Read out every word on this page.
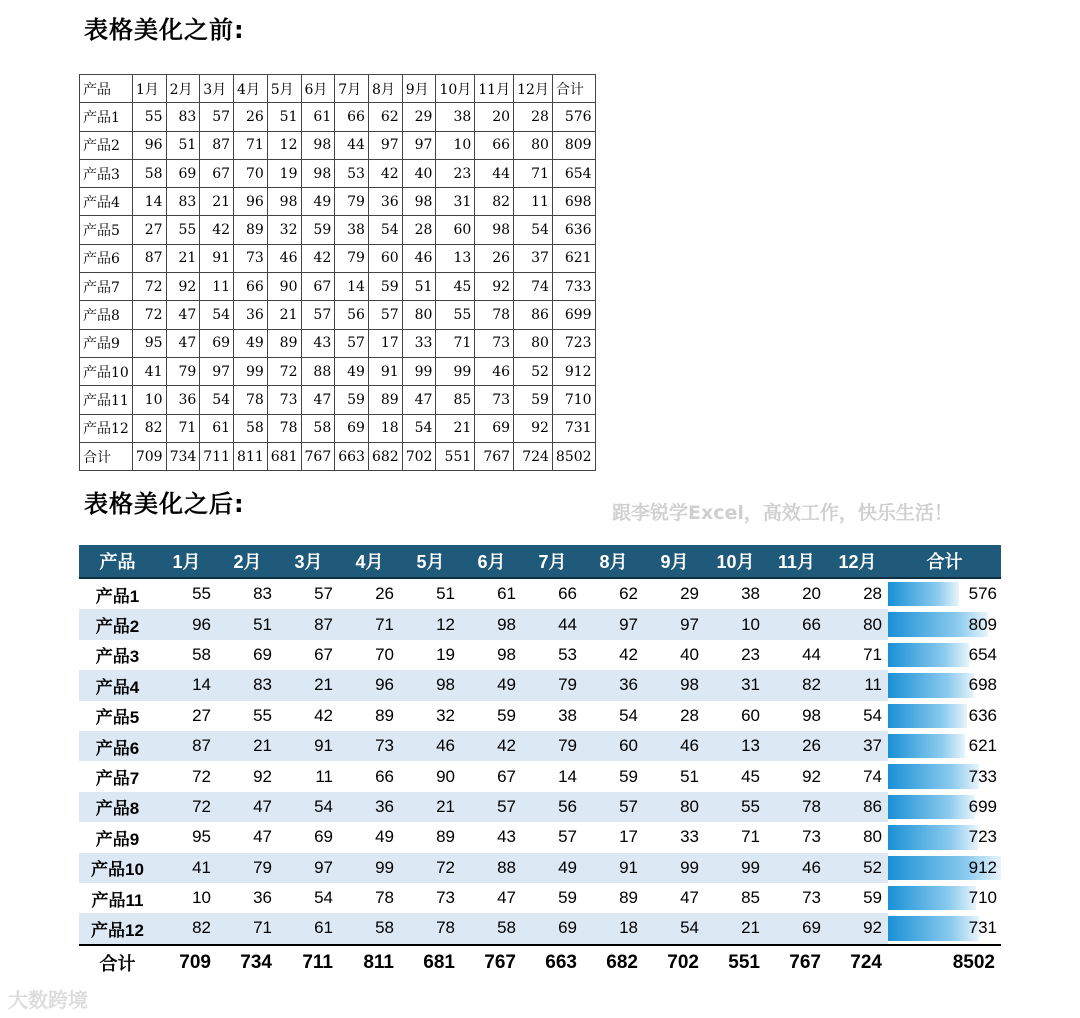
表格美化之前:
产品	1月	2月	3月	4月	5月	6月	7月	8月	9月	10月	11月	12月	合计
产品1	55	83	57	26	51	61	66	62	29	38	20	28	576
产品2	96	51	87	71	12	98	44	97	97	10	66	80	809
产品3	58	69	67	70	19	98	53	42	40	23	44	71	654
产品4	14	83	21	96	98	49	79	36	98	31	82	11	698
产品5	27	55	42	89	32	59	38	54	28	60	98	54	636
产品6	87	21	91	73	46	42	79	60	46	13	26	37	621
产品7	72	92	11	66	90	67	14	59	51	45	92	74	733
产品8	72	47	54	36	21	57	56	57	80	55	78	86	699
产品9	95	47	69	49	89	43	57	17	33	71	73	80	723
产品10	41	79	97	99	72	88	49	91	99	99	46	52	912
产品11	10	36	54	78	73	47	59	89	47	85	73	59	710
产品12	82	71	61	58	78	58	69	18	54	21	69	92	731
合计	709	734	711	811	681	767	663	682	702	551	767	724	8502
表格美化之后:	跟李锐学Excel，高效工作，快乐生活！
产品	1月	2月	3月	4月	5月	6月	7月	8月	9月	10月	11月	12月	合计
产品1	55	83	57	26	51	61	66	62	29	38	20	28	576

产品2	96	51	87	71	12	98	44	97	97	10	66	80	809

产品3	58	69	67	70	19	98	53	42	40	23	44	71	654

产品4	14	83	21	96	98	49	79	36	98	31	82	11	698

产品5	27	55	42	89	32	59	38	54	28	60	98	54	636

产品6	87	21	91	73	46	42	79	60	46	13	26	37	621

产品7	72	92	11	66	90	67	14	59	51	45	92	74	733

产品8	72	47	54	36	21	57	56	57	80	55	78	86	699

产品9	95	47	69	49	89	43	57	17	33	71	73	80	723

产品10	41	79	97	99	72	88	49	91	99	99	46	52	912

产品11	10	36	54	78	73	47	59	89	47	85	73	59	710

产品12	82	71	61	58	78	58	69	18	54	21	69	92	731

合计	709	734	711	811	681	767	663	682	702	551	767	724	8502
大数跨境
